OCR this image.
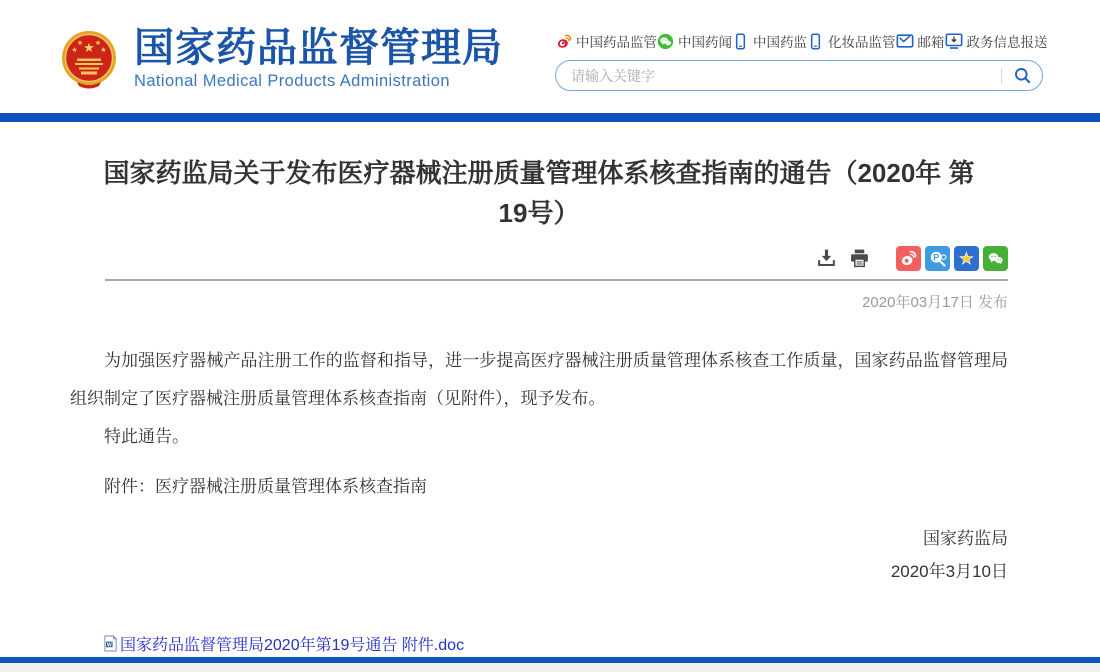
★
★ ★
★	★ 国家药品监督管理局
National Medical Products Administration
中国药品监管 中国药闻 中国药监 化妆品监管 邮箱 政务信息报送
请输入关键字
国家药监局关于发布医疗器械注册质量管理体系核查指南的通告（2020年 第19号）
P ★
2020年03月17日 发布

为加强医疗器械产品注册工作的监督和指导，进一步提高医疗器械注册质量管理体系核查工作质量，国家药品监督管理局组织制定了医疗器械注册质量管理体系核查指南（见附件），现予发布。

特此通告。

附件：医疗器械注册质量管理体系核查指南

国家药监局
2020年3月10日

W 国家药品监督管理局2020年第19号通告 附件.doc
